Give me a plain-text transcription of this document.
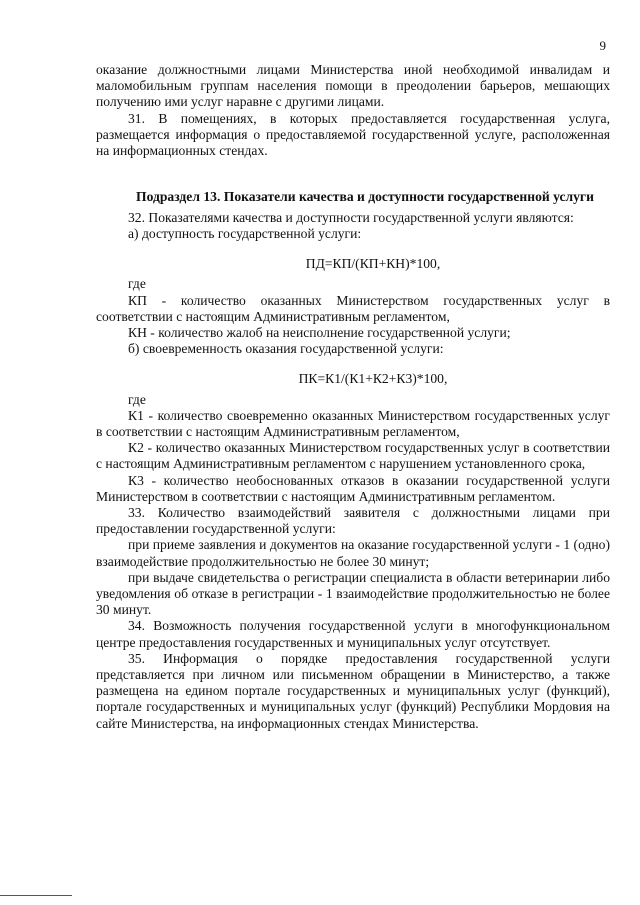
9

оказание должностными лицами Министерства иной необходимой инвалидам и маломобильным группам населения помощи в преодолении барьеров, мешающих получению ими услуг наравне с другими лицами.

31. В помещениях, в которых предоставляется государственная услуга, размещается информация о предоставляемой государственной услуге, расположенная на информационных стендах.

Подраздел 13. Показатели качества и доступности государственной услуги

32. Показателями качества и доступности государственной услуги являются:

а) доступность государственной услуги:

ПД=КП/(КП+КН)*100,

где

КП - количество оказанных Министерством государственных услуг в соответствии с настоящим Административным регламентом,

КН - количество жалоб на неисполнение государственной услуги;

б) своевременность оказания государственной услуги:

ПК=К1/(К1+К2+К3)*100,

где

К1 - количество своевременно оказанных Министерством государственных услуг в соответствии с настоящим Административным регламентом,

К2 - количество оказанных Министерством государственных услуг в соответствии с настоящим Административным регламентом с нарушением установленного срока,

К3 - количество необоснованных отказов в оказании государственной услуги Министерством в соответствии с настоящим Административным регламентом.

33. Количество взаимодействий заявителя с должностными лицами при предоставлении государственной услуги:

при приеме заявления и документов на оказание государственной услуги - 1 (одно) взаимодействие продолжительностью не более 30 минут;

при выдаче свидетельства о регистрации специалиста в области ветеринарии либо уведомления об отказе в регистрации - 1 взаимодействие продолжительностью не более 30 минут.

34. Возможность получения государственной услуги в многофункциональном центре предоставления государственных и муниципальных услуг отсутствует.

35. Информация о порядке предоставления государственной услуги представляется при личном или письменном обращении в Министерство, а также размещена на едином портале государственных и муниципальных услуг (функций), портале государственных и муниципальных услуг (функций) Республики Мордовия на сайте Министерства, на информационных стендах Министерства.
